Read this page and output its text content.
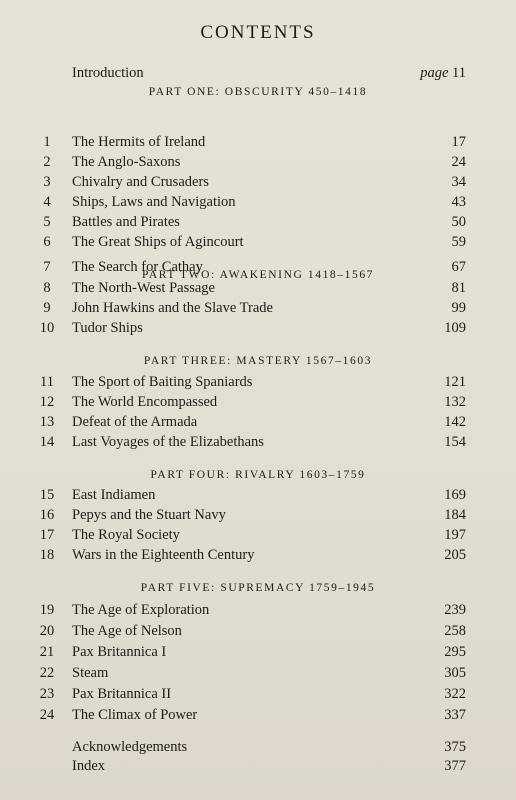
CONTENTS
Introduction	page 11
PART ONE: OBSCURITY 450–1418
1	The Hermits of Ireland	17
2	The Anglo-Saxons	24
3	Chivalry and Crusaders	34
4	Ships, Laws and Navigation	43
5	Battles and Pirates	50
6	The Great Ships of Agincourt	59
PART TWO: AWAKENING 1418–1567
7	The Search for Cathay	67
8	The North-West Passage	81
9	John Hawkins and the Slave Trade	99
10	Tudor Ships	109
PART THREE: MASTERY 1567–1603
11	The Sport of Baiting Spaniards	121
12	The World Encompassed	132
13	Defeat of the Armada	142
14	Last Voyages of the Elizabethans	154
PART FOUR: RIVALRY 1603–1759
15	East Indiamen	169
16	Pepys and the Stuart Navy	184
17	The Royal Society	197
18	Wars in the Eighteenth Century	205
PART FIVE: SUPREMACY 1759–1945
19	The Age of Exploration	239
20	The Age of Nelson	258
21	Pax Britannica I	295
22	Steam	305
23	Pax Britannica II	322
24	The Climax of Power	337
Acknowledgements	375
Index	377
